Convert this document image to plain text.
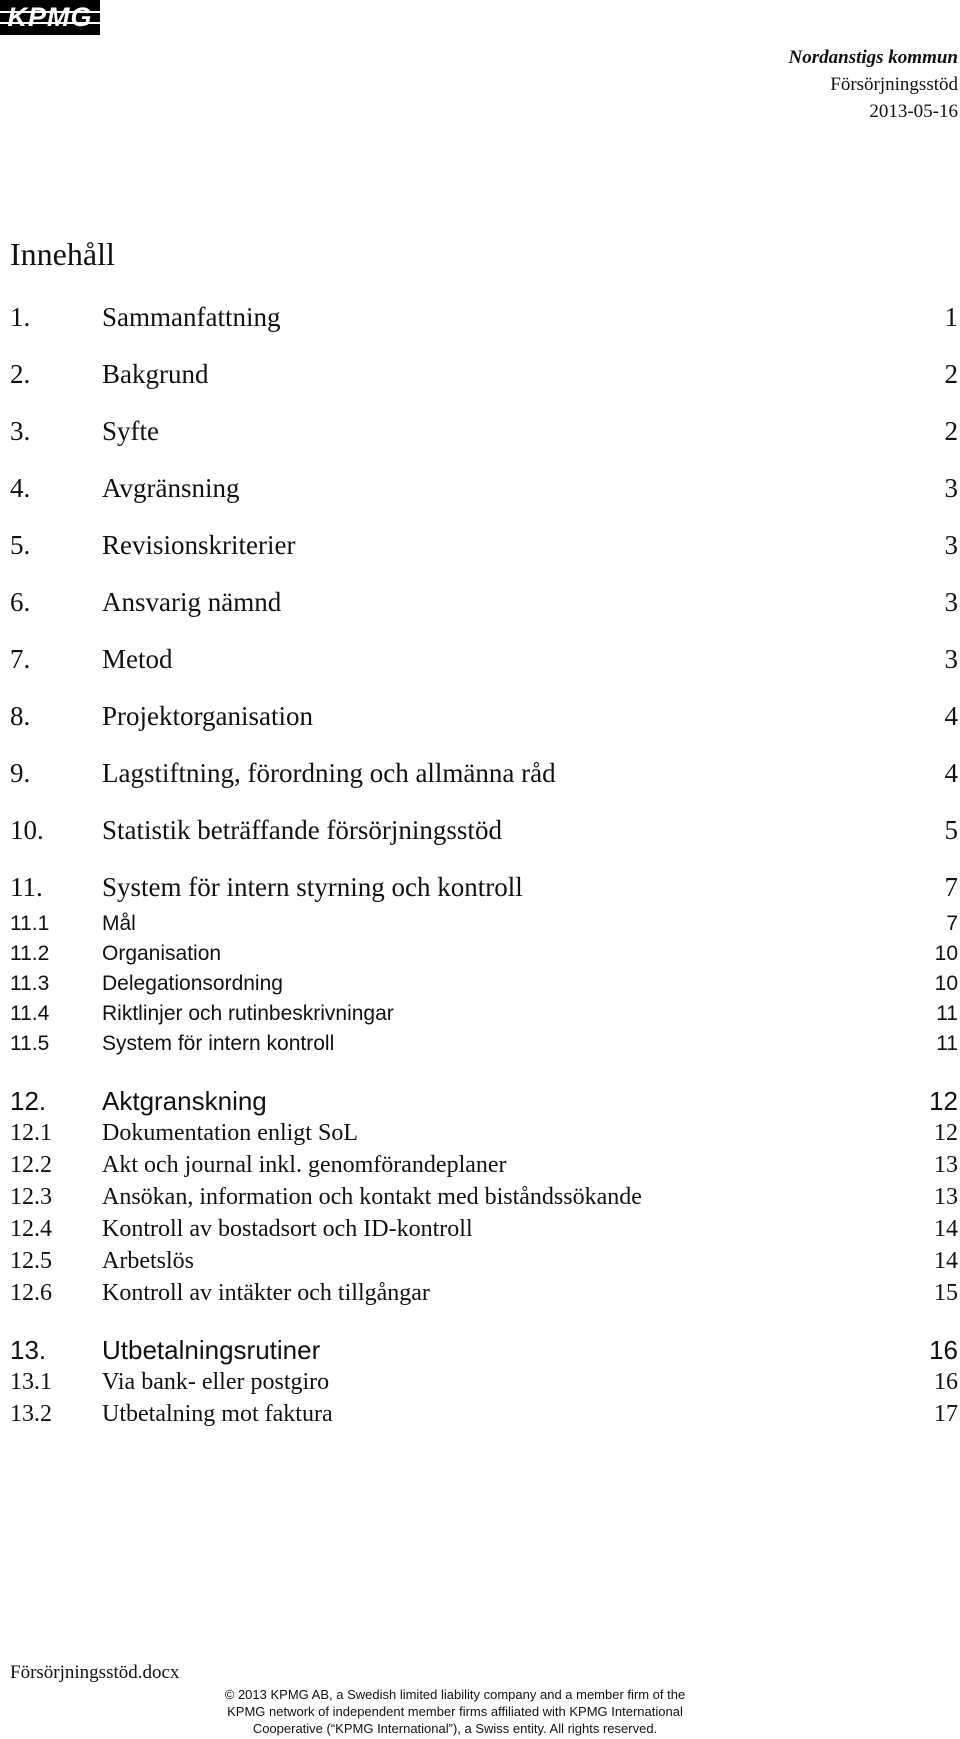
KPMG
Nordanstigs kommun
Försörjningsstöd
2013-05-16
Innehåll
1.	Sammanfattning	1
2.	Bakgrund	2
3.	Syfte	2
4.	Avgränsning	3
5.	Revisionskriterier	3
6.	Ansvarig nämnd	3
7.	Metod	3
8.	Projektorganisation	4
9.	Lagstiftning, förordning och allmänna råd	4
10. Statistik beträffande försörjningsstöd	5
11. System för intern styrning och kontroll	7
11.1	Mål	7
11.2	Organisation	10
11.3	Delegationsordning	10
11.4	Riktlinjer och rutinbeskrivningar	11
11.5	System för intern kontroll	11
12. Aktgranskning	12
12.1 Dokumentation enligt SoL	12
12.2 Akt och journal inkl. genomförandeplaner	13
12.3 Ansökan, information och kontakt med biståndssökande	13
12.4 Kontroll av bostadsort och ID-kontroll	14
12.5 Arbetslös	14
12.6 Kontroll av intäkter och tillgångar	15
13. Utbetalningsrutiner	16
13.1 Via bank- eller postgiro	16
13.2 Utbetalning mot faktura	17
Försörjningsstöd.docx
© 2013 KPMG AB, a Swedish limited liability company and a member firm of the
KPMG network of independent member firms affiliated with KPMG International
Cooperative (“KPMG International”), a Swiss entity. All rights reserved.
